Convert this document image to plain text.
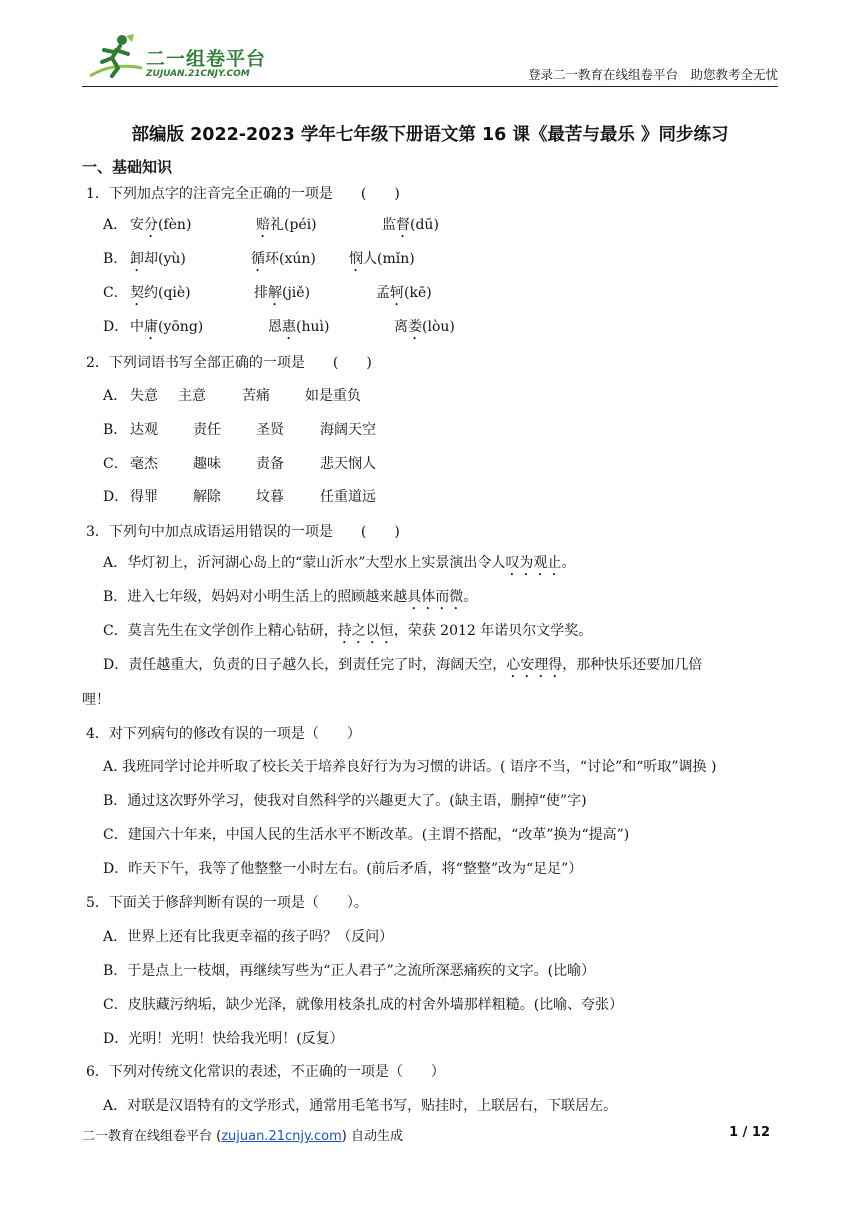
二一组卷平台
ZUJUAN.21CNJY.COM	登录二一教育在线组卷平台　助您教考全无忧
部编版 2022-2023 学年七年级下册语文第 16 课《最苦与最乐 》同步练习
一、基础知识
1．下列加点字的注音完全正确的一项是　　(　　)
A． 安 分 (fèn)	赔 礼 (péi)	监 督 (dū)
B． 卸 却 (yù)	循 环 (xún) 悯 人 (mǐn)
C． 契 约 (qiè)	排 解 (jiě)	孟 轲 (kē)
D． 中 庸 (yōng)	恩 惠 (huì)	离 娄 (lòu)
2．下列词语书写全部正确的一项是　　(　　)
A． 失意 主意	苦痛	如是重负
B． 达观	责任	圣贤	海阔天空
C． 毫杰	趣味	责备	悲天悯人
D． 得罪	解除	坟暮	任重道远
3．下列句中加点成语运用错误的一项是　　(　　)
A．华灯初上，沂河湖心岛上的“蒙山沂水”大型水上实景演出令人叹为观止。
B．进入七年级，妈妈对小明生活上的照顾越来越具体而微。
C．莫言先生在文学创作上精心钻研，持之以恒，荣获 2012 年诺贝尔文学奖。
D．责任越重大，负责的日子越久长，到责任完了时，海阔天空，心安理得，那种快乐还要加几倍
哩！
4．对下列病句的修改有误的一项是（　　）
A. 我班同学讨论并听取了校长关于培养良好行为为习惯的讲话。( 语序不当，“讨论”和“听取”调换 )
B．通过这次野外学习，使我对自然科学的兴趣更大了。(缺主语，删掉“使”字)
C．建国六十年来，中国人民的生活水平不断改革。(主谓不搭配，“改革”换为“提高”)
D．昨天下午，我等了他整整一小时左右。(前后矛盾，将“整整”改为“足足”）
5．下面关于修辞判断有误的一项是（　　）。
A．世界上还有比我更幸福的孩子吗？（反问）
B．于是点上一枝烟，再继续写些为“正人君子”之流所深恶痛疾的文字。(比喻）
C．皮肤藏污纳垢，缺少光泽，就像用枝条扎成的村舍外墙那样粗糙。(比喻、夸张）
D．光明！光明！快给我光明！(反复）
6．下列对传统文化常识的表述，不正确的一项是（　　）
A．对联是汉语特有的文学形式，通常用毛笔书写，贴挂时，上联居右，下联居左。
二一教育在线组卷平台 (zujuan.21cnjy.com) 自动生成	1 / 12
